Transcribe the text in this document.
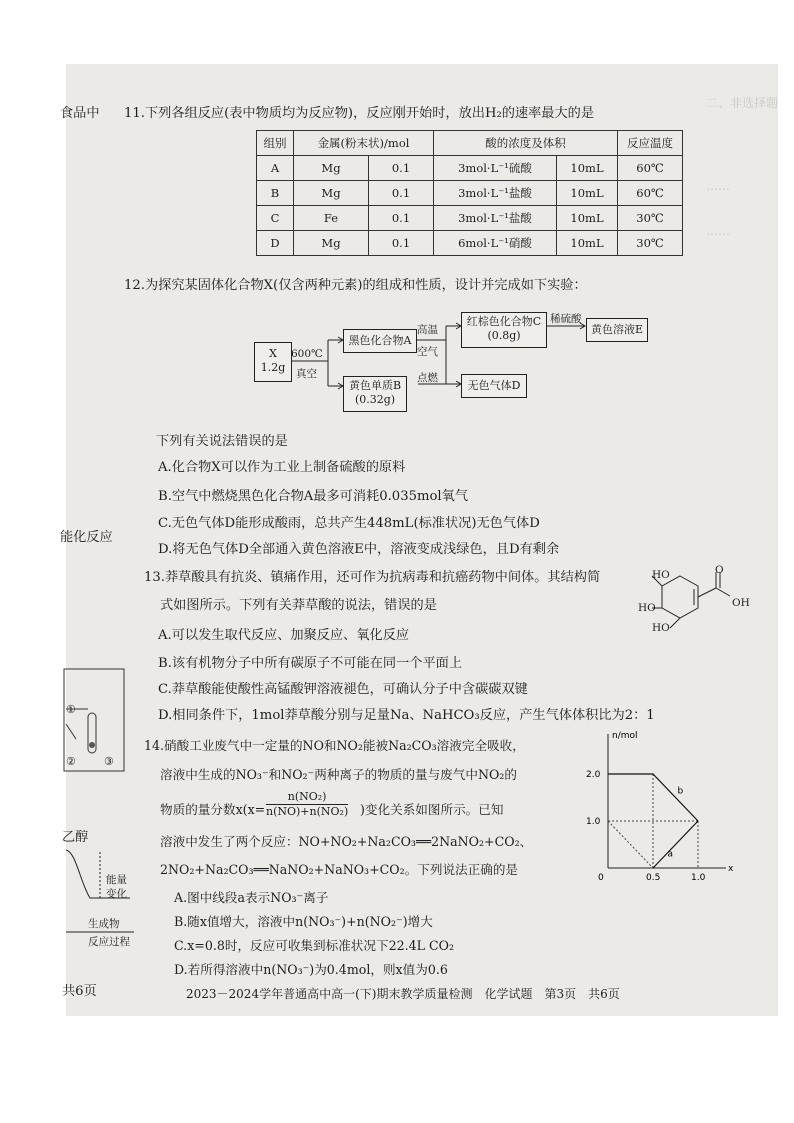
二、非选择题
……
……
食品中
能化反应
乙醇
共6页
①
②	③
能量
变化
生成物
反应过程
11.下列各组反应(表中物质均为反应物)，反应刚开始时，放出H₂的速率最大的是
组别	金属(粉末状)/mol		酸的浓度及体积		反应温度
A	Mg	0.1	3mol·L⁻¹硫酸	10mL	60℃
B	Mg	0.1	3mol·L⁻¹盐酸	10mL	60℃
C	Fe	0.1	3mol·L⁻¹盐酸	10mL	30℃
D	Mg	0.1	6mol·L⁻¹硝酸	10mL	30℃
12.为探究某固体化合物X(仅含两种元素)的组成和性质，设计并完成如下实验：
X
1.2g
600℃
真空
黑色化合物A
高温
空气
红棕色化合物C
(0.8g)
稀硫酸
黄色溶液E
黄色单质B
(0.32g)
点燃
无色气体D
下列有关说法错误的是
A.化合物X可以作为工业上制备硫酸的原料
B.空气中燃烧黑色化合物A最多可消耗0.035mol氧气
C.无色气体D能形成酸雨，总共产生448mL(标准状况)无色气体D
D.将无色气体D全部通入黄色溶液E中，溶液变成浅绿色，且D有剩余
13.莽草酸具有抗炎、镇痛作用，还可作为抗病毒和抗癌药物中间体。其结构简
式如图所示。下列有关莽草酸的说法，错误的是
HO
HO
HO
O
OH
A.可以发生取代反应、加聚反应、氧化反应
B.该有机物分子中所有碳原子不可能在同一个平面上
C.莽草酸能使酸性高锰酸钾溶液褪色，可确认分子中含碳碳双键
D.相同条件下，1mol莽草酸分别与足量Na、NaHCO₃反应，产生气体体积比为2：1
14.硝酸工业废气中一定量的NO和NO₂能被Na₂CO₃溶液完全吸收，
溶液中生成的NO₃⁻和NO₂⁻两种离子的物质的量与废气中NO₂的
物质的量分数$x(x= \frac{\text{n(NO₂)}}{\text{n(NO)+n(NO₂)}}$ )变化关系如图所示。已知
溶液中发生了两个反应：NO+NO₂+Na₂CO₃══2NaNO₂+CO₂、
2NO₂+Na₂CO₃══NaNO₂+NaNO₃+CO₂。下列说法正确的是
A.图中线段a表示NO₃⁻离子
B.随x值增大，溶液中n(NO₃⁻)+n(NO₂⁻)增大
C.x=0.8时，反应可收集到标准状况下22.4L CO₂
D.若所得溶液中n(NO₃⁻)为0.4mol，则x值为0.6
x
n/mol
0	0.5	1.0
1.0
2.0
a
b
2023－2024学年普通高中高一(下)期末教学质量检测　化学试题　第3页　共6页
